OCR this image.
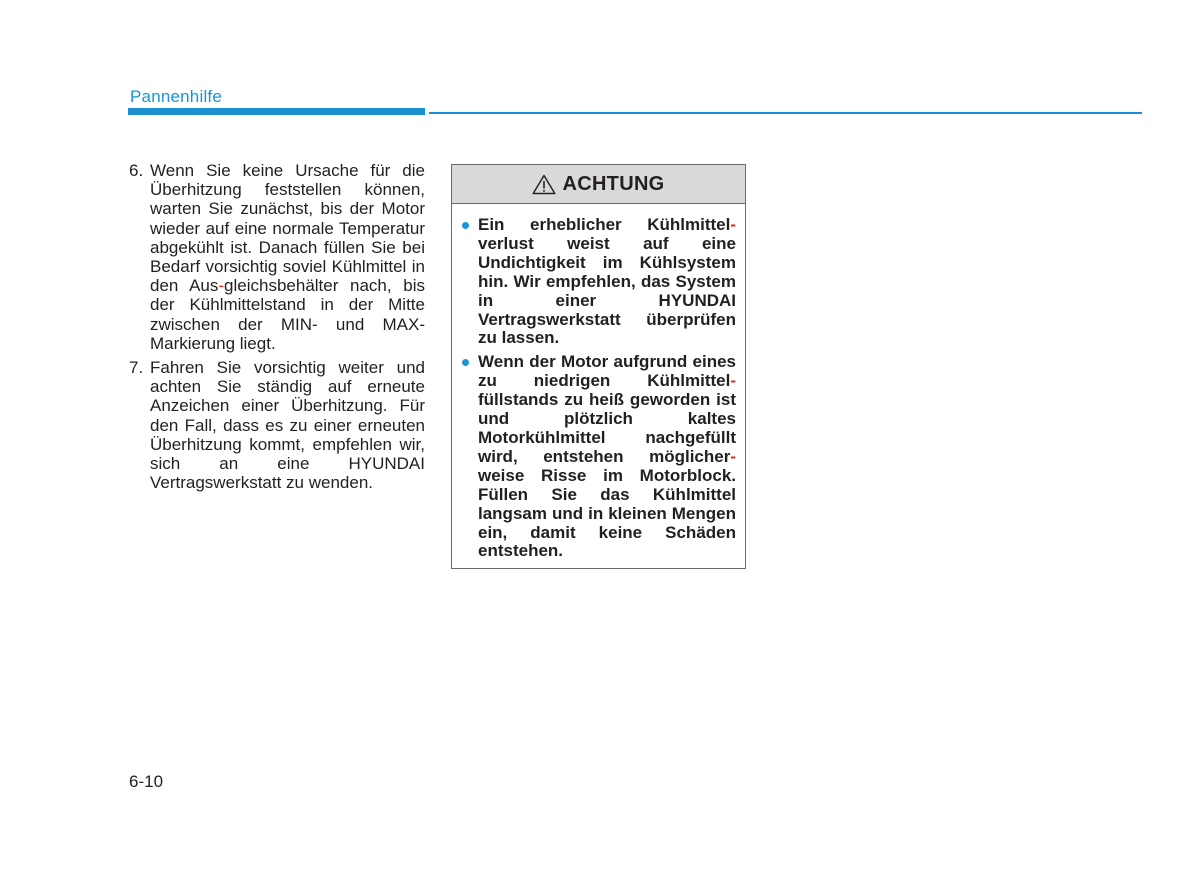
Pannenhilfe
6. Wenn Sie keine Ursache für die Überhitzung feststellen können, warten Sie zunächst, bis der Motor wieder auf eine normale Temperatur abgekühlt ist. Danach füllen Sie bei Bedarf vorsichtig soviel Kühlmittel in den Aus-gleichsbehälter nach, bis der Kühlmittelstand in der Mitte zwischen der MIN- und MAX-Markierung liegt.
7. Fahren Sie vorsichtig weiter und achten Sie ständig auf erneute Anzeichen einer Überhitzung. Für den Fall, dass es zu einer erneuten Überhitzung kommt, empfehlen wir, sich an eine HYUNDAI Vertragswerkstatt zu wenden.
ACHTUNG
Ein erheblicher Kühlmittel-verlust weist auf eine Undichtigkeit im Kühlsystem hin. Wir empfehlen, das System in einer HYUNDAI Vertragswerkstatt überprüfen zu lassen.
Wenn der Motor aufgrund eines zu niedrigen Kühlmittel-füllstands zu heiß geworden ist und plötzlich kaltes Motorkühlmittel nachgefüllt wird, entstehen möglicher-weise Risse im Motorblock. Füllen Sie das Kühlmittel langsam und in kleinen Mengen ein, damit keine Schäden entstehen.
6-10
